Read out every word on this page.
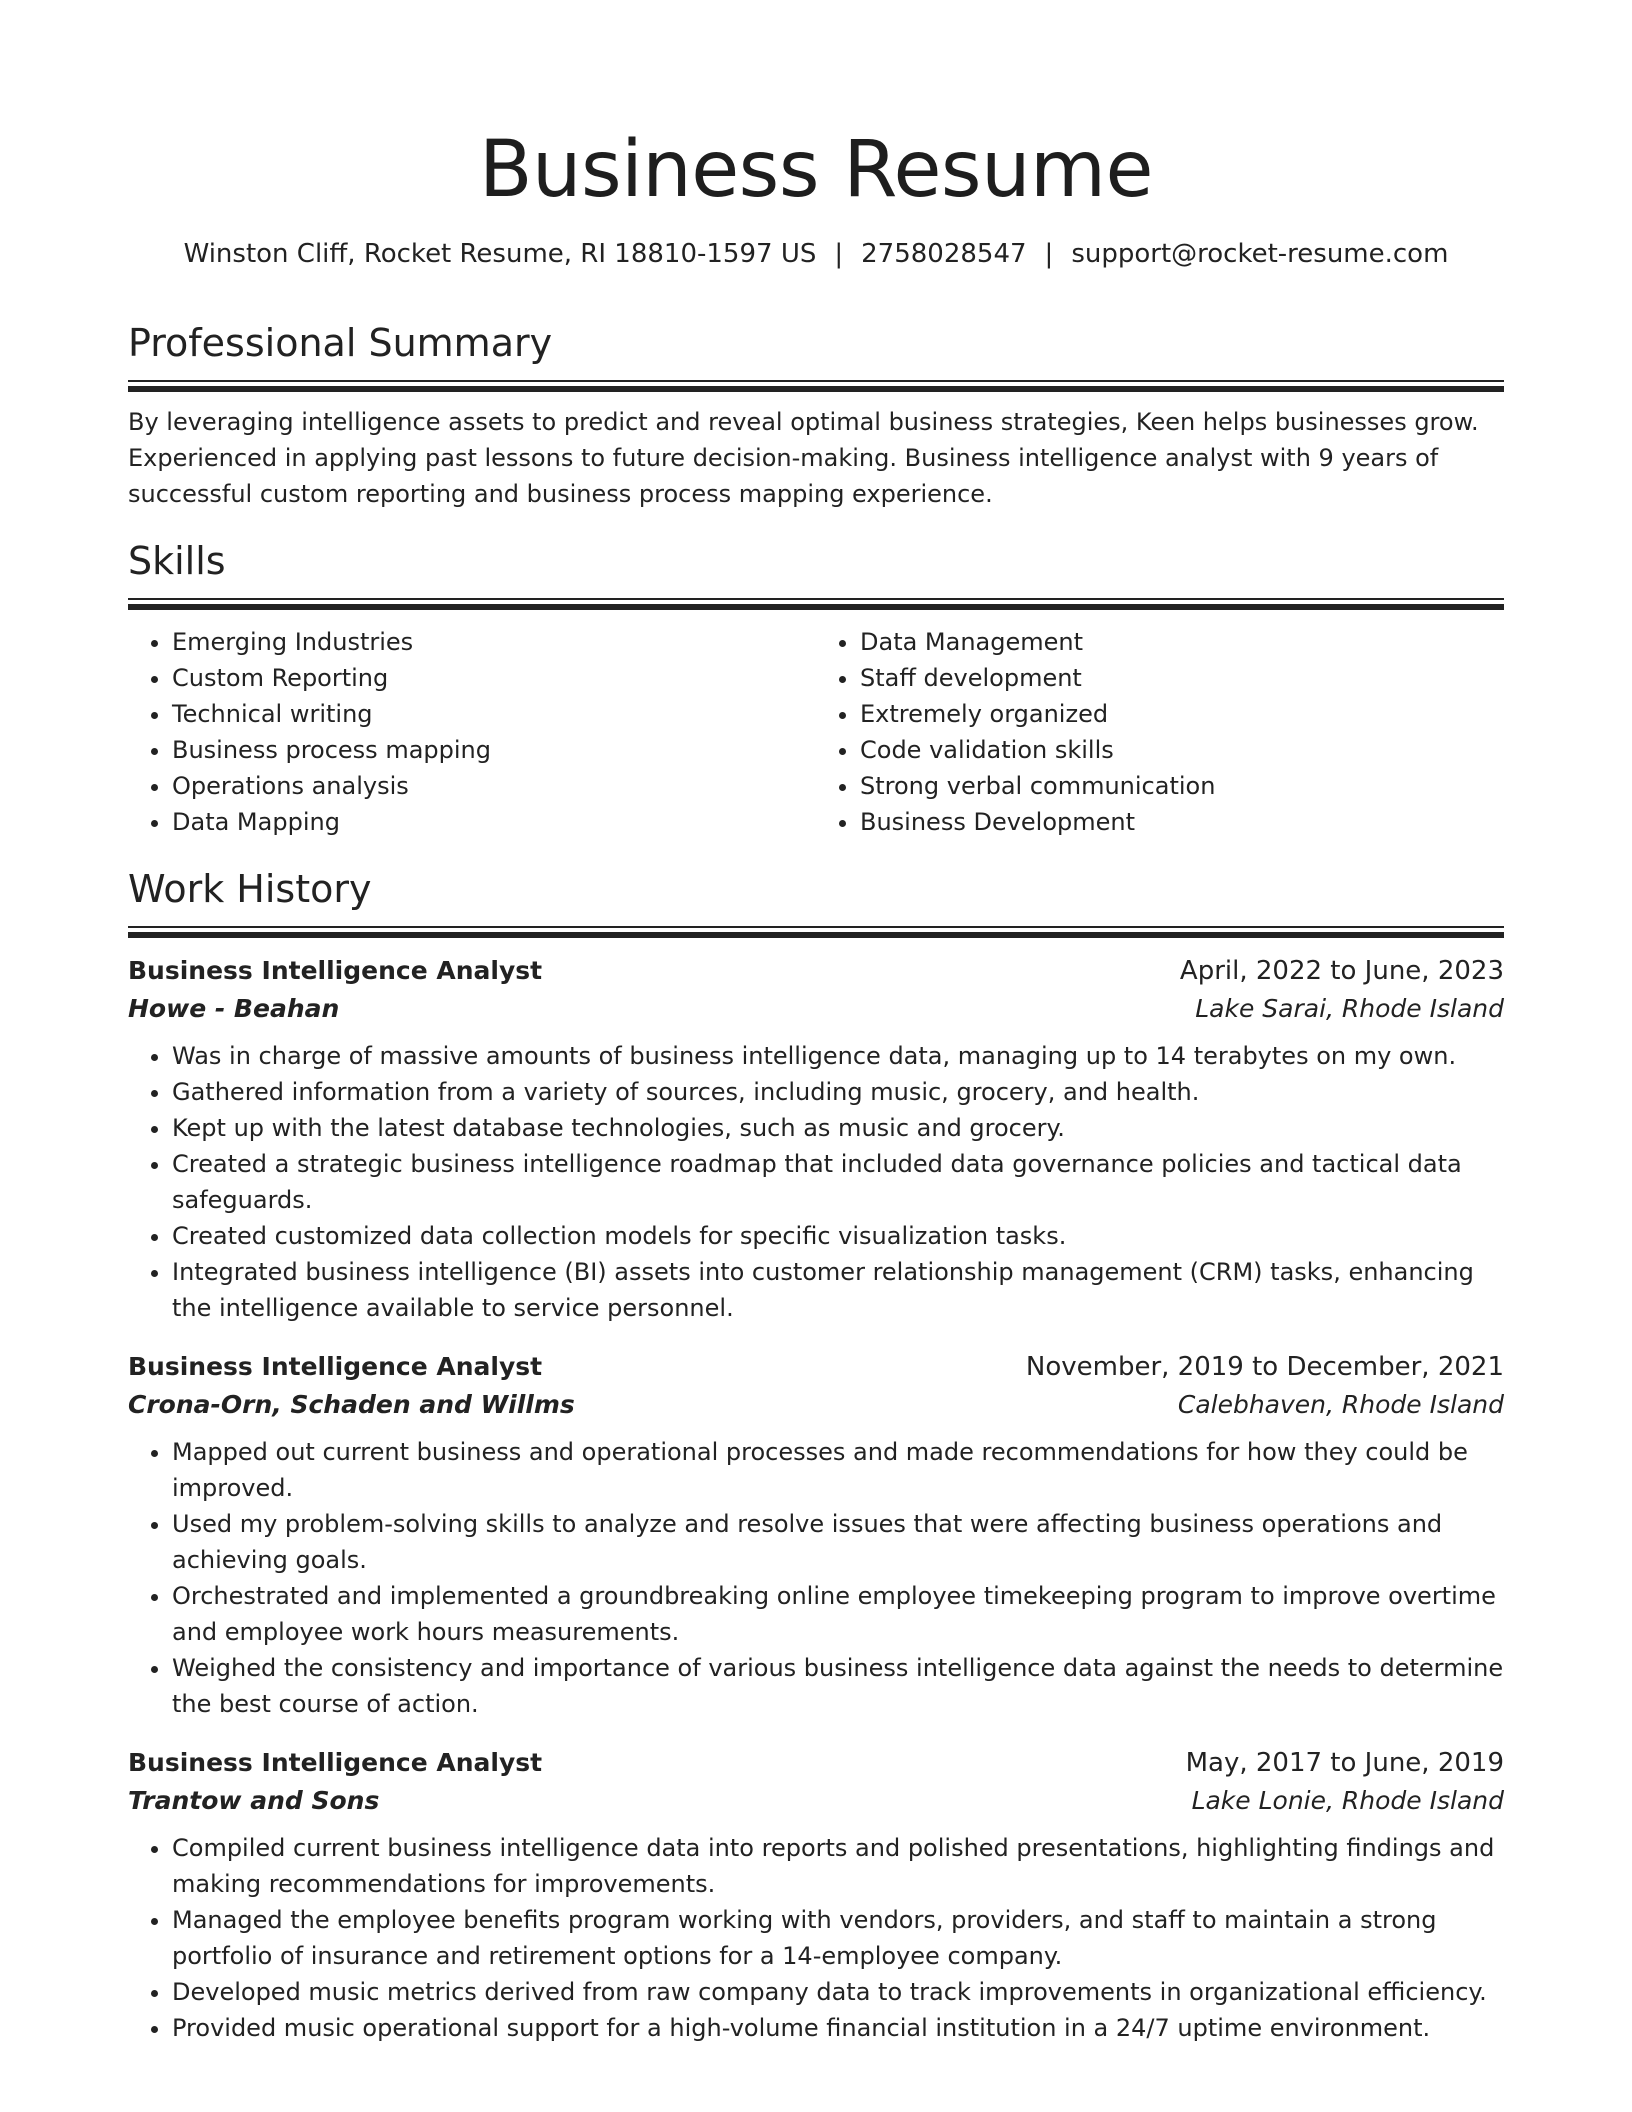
Business Resume
Winston Cliff, Rocket Resume, RI 18810-1597 US | 2758028547 | support@rocket-resume.com
Professional Summary

By leveraging intelligence assets to predict and reveal optimal business strategies, Keen helps businesses grow. Experienced in applying past lessons to future decision-making. Business intelligence analyst with 9 years of successful custom reporting and business process mapping experience.

Skills
• Emerging Industries
• Custom Reporting
• Technical writing
• Business process mapping
• Operations analysis
• Data Mapping
• Data Management
• Staff development
• Extremely organized
• Code validation skills
• Strong verbal communication
• Business Development
Work History
Business Intelligence Analyst	April, 2022 to June, 2023
Howe - Beahan	Lake Sarai, Rhode Island
• Was in charge of massive amounts of business intelligence data, managing up to 14 terabytes on my own.
• Gathered information from a variety of sources, including music, grocery, and health.
• Kept up with the latest database technologies, such as music and grocery.
• Created a strategic business intelligence roadmap that included data governance policies and tactical data safeguards.
• Created customized data collection models for specific visualization tasks.
• Integrated business intelligence (BI) assets into customer relationship management (CRM) tasks, enhancing the intelligence available to service personnel.
Business Intelligence Analyst	November, 2019 to December, 2021
Crona-Orn, Schaden and Willms	Calebhaven, Rhode Island
• Mapped out current business and operational processes and made recommendations for how they could be improved.
• Used my problem-solving skills to analyze and resolve issues that were affecting business operations and achieving goals.
• Orchestrated and implemented a groundbreaking online employee timekeeping program to improve overtime and employee work hours measurements.
• Weighed the consistency and importance of various business intelligence data against the needs to determine the best course of action.
Business Intelligence Analyst	May, 2017 to June, 2019
Trantow and Sons	Lake Lonie, Rhode Island
• Compiled current business intelligence data into reports and polished presentations, highlighting findings and making recommendations for improvements.
• Managed the employee benefits program working with vendors, providers, and staff to maintain a strong portfolio of insurance and retirement options for a 14-employee company.
• Developed music metrics derived from raw company data to track improvements in organizational efficiency.
• Provided music operational support for a high-volume financial institution in a 24/7 uptime environment.
